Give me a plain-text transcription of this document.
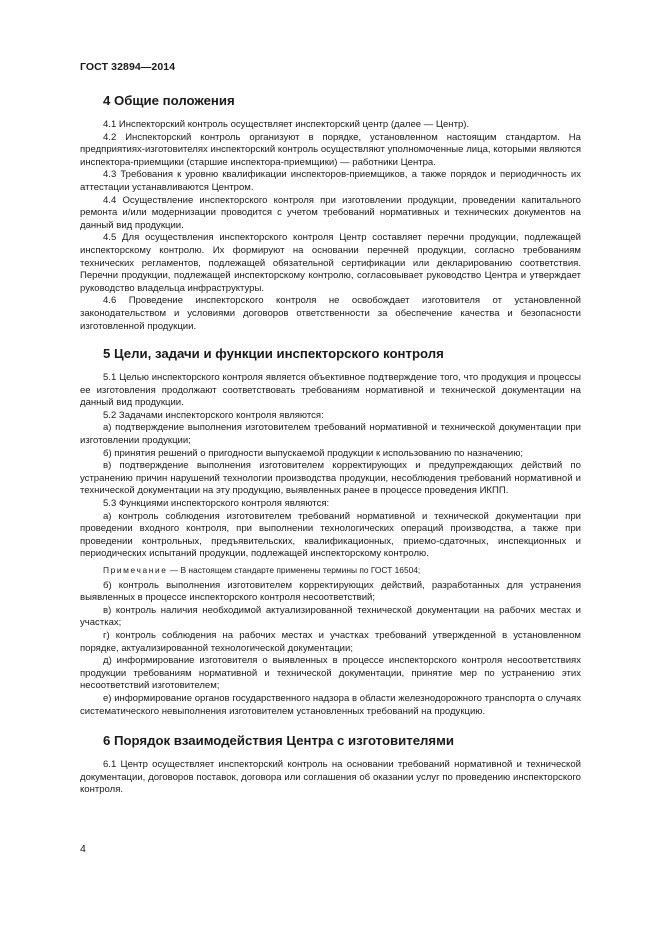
ГОСТ 32894—2014
4 Общие положения

4.1 Инспекторский контроль осуществляет инспекторский центр (далее — Центр).

4.2 Инспекторский контроль организуют в порядке, установленном настоящим стандартом. На предприятиях-изготовителях инспекторский контроль осуществляют уполномоченные лица, которыми являются инспектора-приемщики (старшие инспектора-приемщики) — работники Центра.

4.3 Требования к уровню квалификации инспекторов-приемщиков, а также порядок и периодичность их аттестации устанавливаются Центром.

4.4 Осуществление инспекторского контроля при изготовлении продукции, проведении капитального ремонта и/или модернизации проводится с учетом требований нормативных и технических документов на данный вид продукции.

4.5 Для осуществления инспекторского контроля Центр составляет перечни продукции, подлежащей инспекторскому контролю. Их формируют на основании перечней продукции, согласно требованиям технических регламентов, подлежащей обязательной сертификации или декларированию соответствия. Перечни продукции, подлежащей инспекторскому контролю, согласовывает руководство Центра и утверждает руководство владельца инфраструктуры.

4.6 Проведение инспекторского контроля не освобождает изготовителя от установленной законодательством и условиями договоров ответственности за обеспечение качества и безопасности изготовленной продукции.

5 Цели, задачи и функции инспекторского контроля

5.1 Целью инспекторского контроля является объективное подтверждение того, что продукция и процессы ее изготовления продолжают соответствовать требованиям нормативной и технической документации на данный вид продукции.

5.2 Задачами инспекторского контроля являются:

а) подтверждение выполнения изготовителем требований нормативной и технической документации при изготовлении продукции;

б) принятия решений о пригодности выпускаемой продукции к использованию по назначению;

в) подтверждение выполнения изготовителем корректирующих и предупреждающих действий по устранению причин нарушений технологии производства продукции, несоблюдения требований нормативной и технической документации на эту продукцию, выявленных ранее в процессе проведения ИКПП.

5.3 Функциями инспекторского контроля являются:

а) контроль соблюдения изготовителем требований нормативной и технической документации при проведении входного контроля, при выполнении технологических операций производства, а также при проведении контрольных, предъявительских, квалификационных, приемо-сдаточных, инспекционных и периодических испытаний продукции, подлежащей инспекторскому контролю.

Примечание — В настоящем стандарте применены термины по ГОСТ 16504;

б) контроль выполнения изготовителем корректирующих действий, разработанных для устранения выявленных в процессе инспекторского контроля несоответствий;

в) контроль наличия необходимой актуализированной технической документации на рабочих местах и участках;

г) контроль соблюдения на рабочих местах и участках требований утвержденной в установленном порядке, актуализированной технологической документации;

д) информирование изготовителя о выявленных в процессе инспекторского контроля несоответствиях продукции требованиям нормативной и технической документации, принятие мер по устранению этих несоответствий изготовителем;

е) информирование органов государственного надзора в области железнодорожного транспорта о случаях систематического невыполнения изготовителем установленных требований на продукцию.

6 Порядок взаимодействия Центра с изготовителями

6.1 Центр осуществляет инспекторский контроль на основании требований нормативной и технической документации, договоров поставок, договора или соглашения об оказании услуг по проведению инспекторского контроля.

4
